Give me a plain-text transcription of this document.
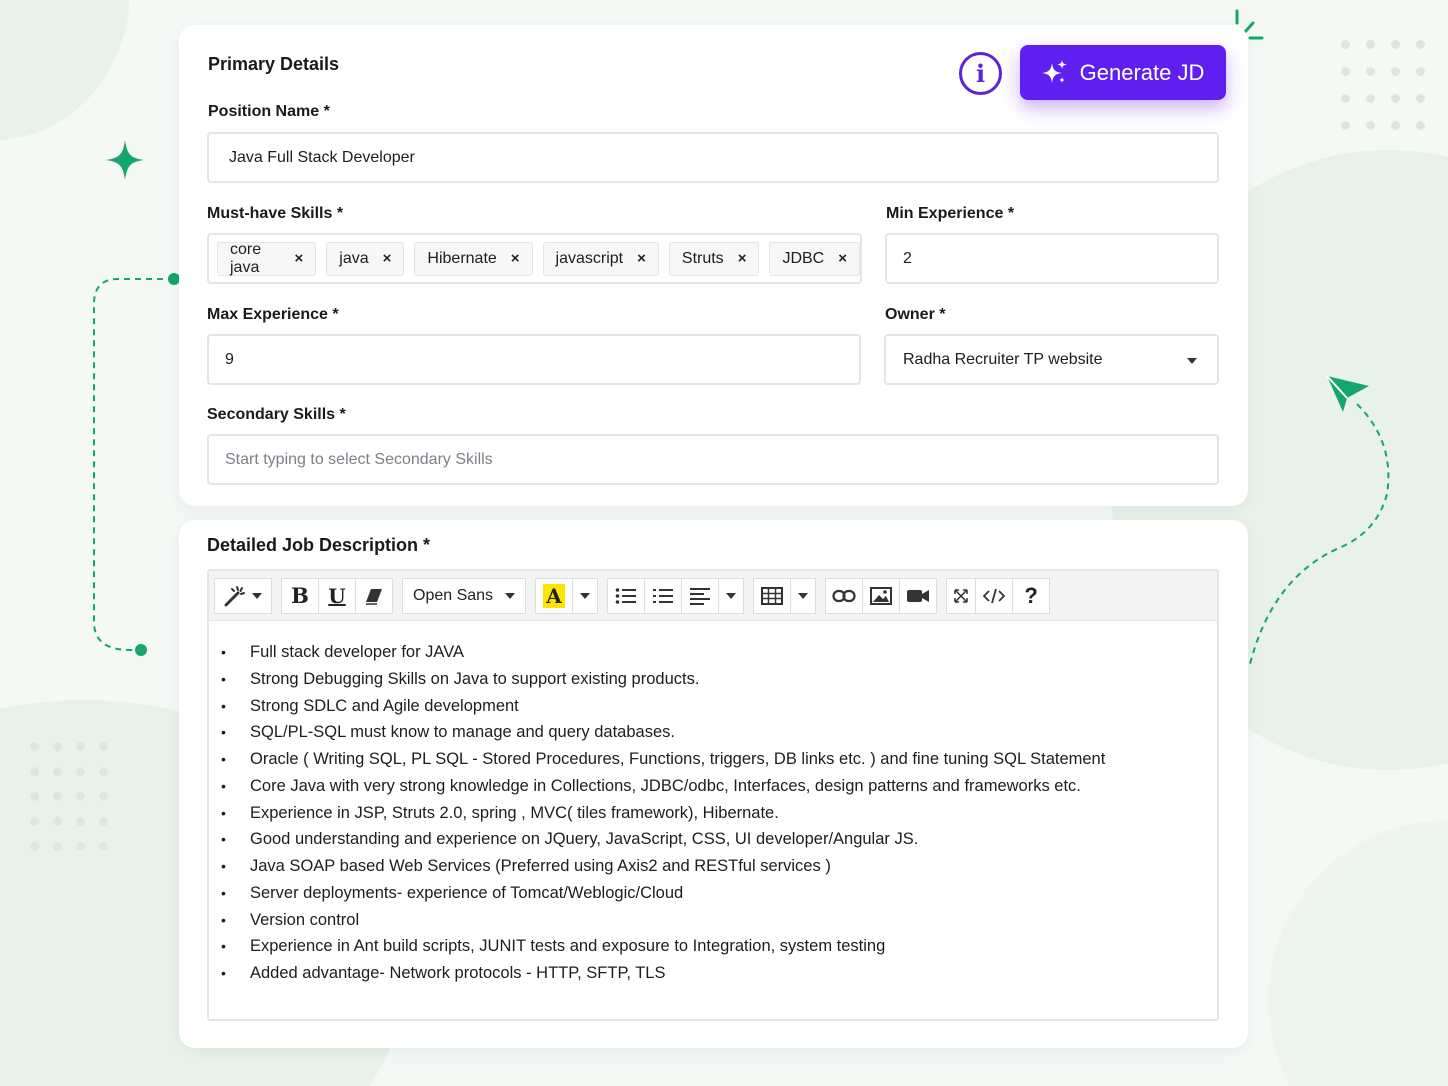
Primary Details	i	Generate JD
Position Name *
Java Full Stack Developer
Must-have Skills *
core java	× java × Hibernate × javascript × Struts × JDBC ×
Min Experience *
2
Max Experience *
9	Owner *
Radha Recruiter TP website
Secondary Skills *
Start typing to select Secondary Skills
Detailed Job Description *
B U	Open Sans	A	?
• Full stack developer for JAVA
• Strong Debugging Skills on Java to support existing products.
• Strong SDLC and Agile development
• SQL/PL-SQL must know to manage and query databases.
• Oracle ( Writing SQL, PL SQL - Stored Procedures, Functions, triggers, DB links etc. ) and fine tuning SQL Statement
• Core Java with very strong knowledge in Collections, JDBC/odbc, Interfaces, design patterns and frameworks etc.
• Experience in JSP, Struts 2.0, spring , MVC( tiles framework), Hibernate.
• Good understanding and experience on JQuery, JavaScript, CSS, UI developer/Angular JS.
• Java SOAP based Web Services (Preferred using Axis2 and RESTful services )
• Server deployments- experience of Tomcat/Weblogic/Cloud
• Version control
• Experience in Ant build scripts, JUNIT tests and exposure to Integration, system testing
• Added advantage- Network protocols - HTTP, SFTP, TLS
